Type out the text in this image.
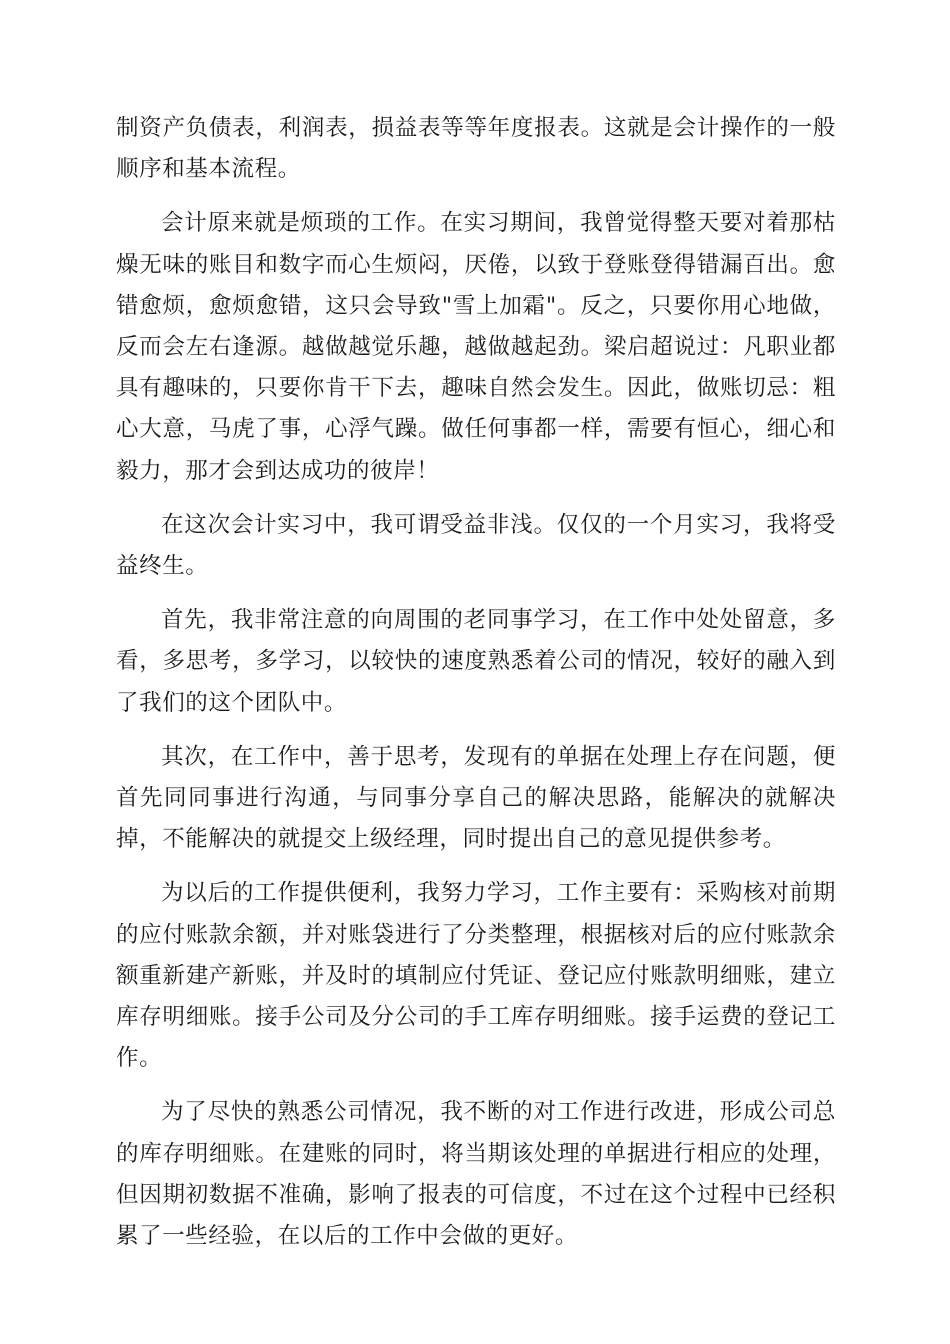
制资产负债表，利润表，损益表等等年度报表。这就是会计操作的一般顺序和基本流程。

会计原来就是烦琐的工作。在实习期间，我曾觉得整天要对着那枯燥无味的账目和数字而心生烦闷，厌倦，以致于登账登得错漏百出。愈错愈烦，愈烦愈错，这只会导致"雪上加霜"。反之，只要你用心地做，反而会左右逢源。越做越觉乐趣，越做越起劲。梁启超说过：凡职业都具有趣味的，只要你肯干下去，趣味自然会发生。因此，做账切忌：粗心大意，马虎了事，心浮气躁。做任何事都一样，需要有恒心，细心和毅力，那才会到达成功的彼岸！

在这次会计实习中，我可谓受益非浅。仅仅的一个月实习，我将受益终生。

首先，我非常注意的向周围的老同事学习，在工作中处处留意，多看，多思考，多学习，以较快的速度熟悉着公司的情况，较好的融入到了我们的这个团队中。

其次，在工作中，善于思考，发现有的单据在处理上存在问题，便首先同同事进行沟通，与同事分享自己的解决思路，能解决的就解决掉，不能解决的就提交上级经理，同时提出自己的意见提供参考。

为以后的工作提供便利，我努力学习，工作主要有：采购核对前期的应付账款余额，并对账袋进行了分类整理，根据核对后的应付账款余额重新建产新账，并及时的填制应付凭证、登记应付账款明细账，建立库存明细账。接手公司及分公司的手工库存明细账。接手运费的登记工作。

为了尽快的熟悉公司情况，我不断的对工作进行改进，形成公司总的库存明细账。在建账的同时，将当期该处理的单据进行相应的处理，但因期初数据不准确，影响了报表的可信度，不过在这个过程中已经积累了一些经验，在以后的工作中会做的更好。
